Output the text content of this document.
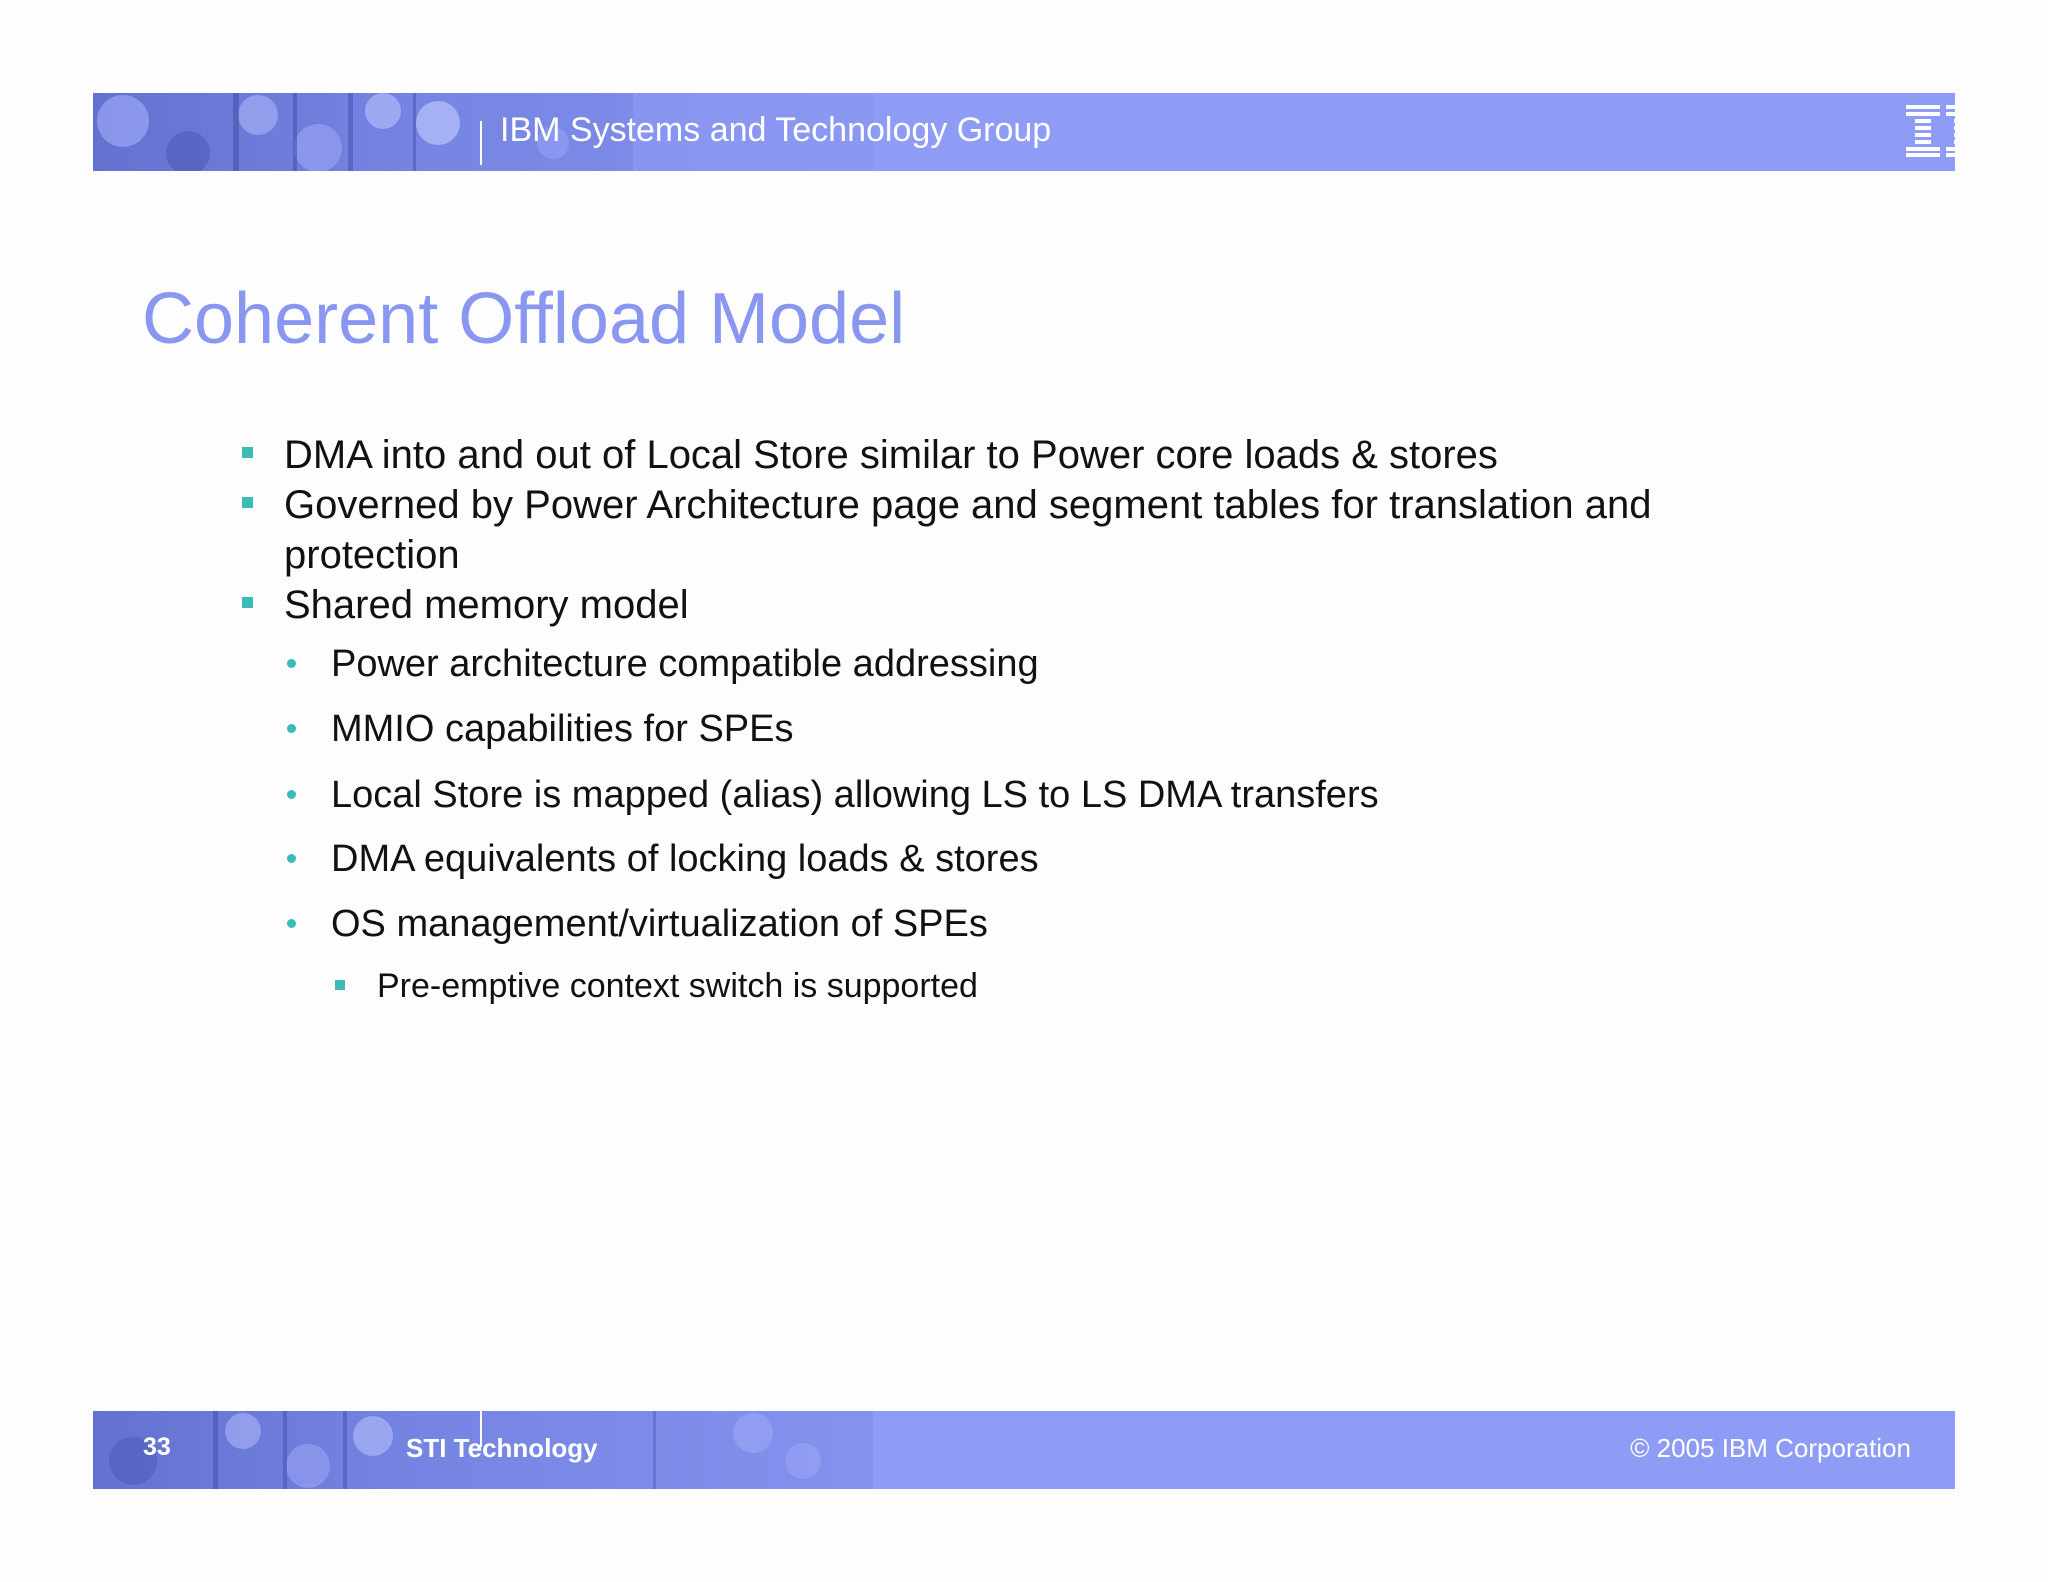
IBM Systems and Technology Group
Coherent Offload Model
DMA into and out of Local Store similar to Power core loads & stores
Governed by Power Architecture page and segment tables for translation and
protection
Shared memory model
Power architecture compatible addressing
MMIO capabilities for SPEs
Local Store is mapped (alias) allowing LS to LS DMA transfers
DMA equivalents of locking loads & stores
OS management/virtualization of SPEs
Pre-emptive context switch is supported
33	STI Technology	© 2005 IBM Corporation
